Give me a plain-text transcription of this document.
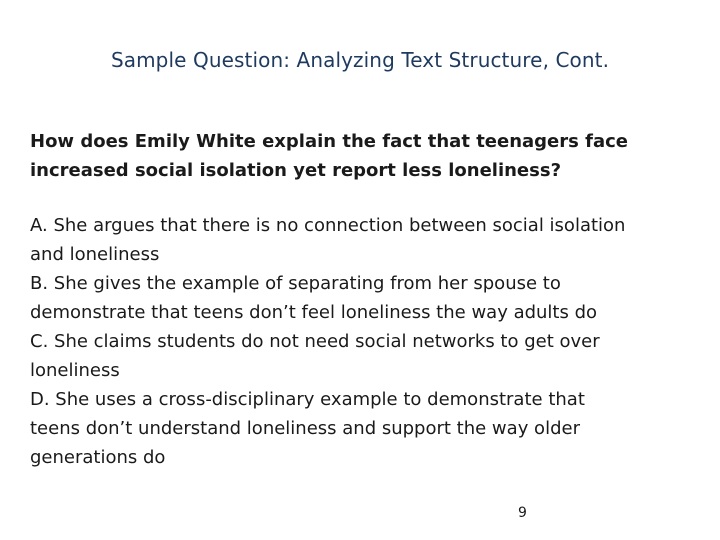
Sample Question: Analyzing Text Structure, Cont.
How does Emily White explain the fact that teenagers face
increased social isolation yet report less loneliness?
A. She argues that there is no connection between social isolation
and loneliness
B. She gives the example of separating from her spouse to
demonstrate that teens don’t feel loneliness the way adults do
C. She claims students do not need social networks to get over
loneliness
D. She uses a cross-disciplinary example to demonstrate that
teens don’t understand loneliness and support the way older
generations do
9
